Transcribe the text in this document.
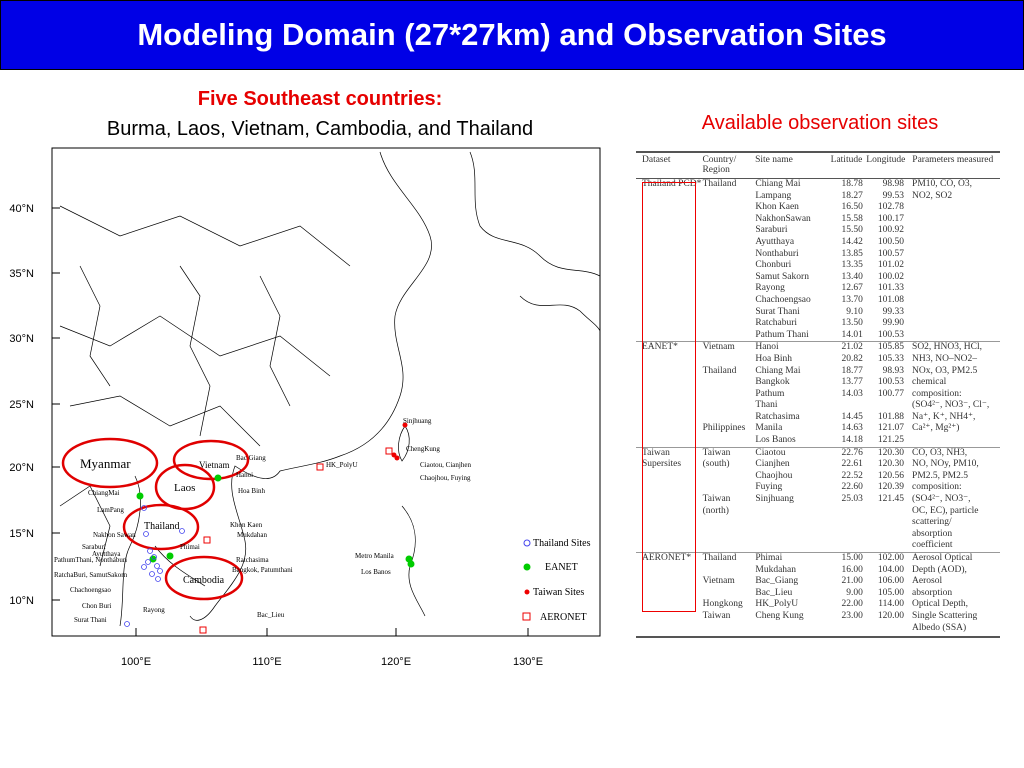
Modeling Domain (27*27km) and Observation Sites
Five Southeast countries:
Burma, Laos, Vietnam, Cambodia, and Thailand	Available observation sites
40°N
35°N
30°N
25°N
20°N
15°N
10°N
100°E	110°E	120°E	130°E
Myanmar
Laos
Vietnam
Thailand
Cambodia
Sinjhuang
ChengKung
Bac Giang
Hanoi
HK_PolyU	Ciaotou, Cianjhen
Chaojhou, Fuying
Hoa Binh
ChiangMai
LamPang
Khon Kaen
Mukdahan
Nakhon Sawan
Phimai
Saraburi
Ayutthaya
PathumThani, Nonthaburi
RatchaBuri, SamutSakorn
Ratchasima
Bangkok, Patumthani
Chachoengsao
Chon Buri	Rayong
Surat Thani
Metro Manila
Los Banos
Bac_Lieu
Thailand Sites
EANET
Taiwan Sites
AERONET
Dataset	Country/ Region
Site name	Latitude Longitude Parameters measured
Thailand PCD* Thailand	Chiang Mai	18.78	98.98 PM10, CO, O3,
Lampang	18.27	99.53 NO2, SO2
Khon Kaen	16.50	102.78
NakhonSawan	15.58	100.17
Saraburi	15.50	100.92
Ayutthaya	14.42	100.50
Nonthaburi	13.85	100.57
Chonburi	13.35	101.02
Samut Sakorn	13.40	100.02
Rayong	12.67	101.33
Chachoengsao	13.70	101.08
Surat Thani	9.10	99.33
Ratchaburi	13.50	99.90
Pathum Thani	14.01	100.53
EANET*	Vietnam	Hanoi	21.02	105.85 SO2, HNO3, HCl,
Hoa Binh	20.82	105.33 NH3, NO–NO2–
Thailand	Chiang Mai	18.77	98.93 NOx, O3, PM2.5
Bangkok	13.77	100.53 chemical
Pathum	14.03	100.77 composition:
Thani	(SO4²⁻, NO3⁻, Cl⁻,
Ratchasima	14.45	101.88 Na⁺, K⁺, NH4⁺,
Philippines	Manila	14.63	121.07 Ca²⁺, Mg²⁺)
Los Banos	14.18	121.25
Taiwan	Taiwan	Ciaotou	22.76	120.30 CO, O3, NH3,
Supersites	(south)	Cianjhen	22.61	120.30 NO, NOy, PM10,
Chaojhou	22.52	120.56 PM2.5, PM2.5
Fuying	22.60	120.39 composition:
Taiwan	Sinjhuang	25.03	121.45 (SO4²⁻, NO3⁻,
(north)	OC, EC), particle
scattering/
absorption
coefficient
AERONET*	Thailand	Phimai	15.00	102.00 Aerosol Optical
Mukdahan	16.00	104.00 Depth (AOD),
Vietnam	Bac_Giang	21.00	106.00 Aerosol
Bac_Lieu	9.00	105.00 absorption
Hongkong	HK_PolyU	22.00	114.00 Optical Depth,
Taiwan	Cheng Kung	23.00	120.00 Single Scattering
Albedo (SSA)
